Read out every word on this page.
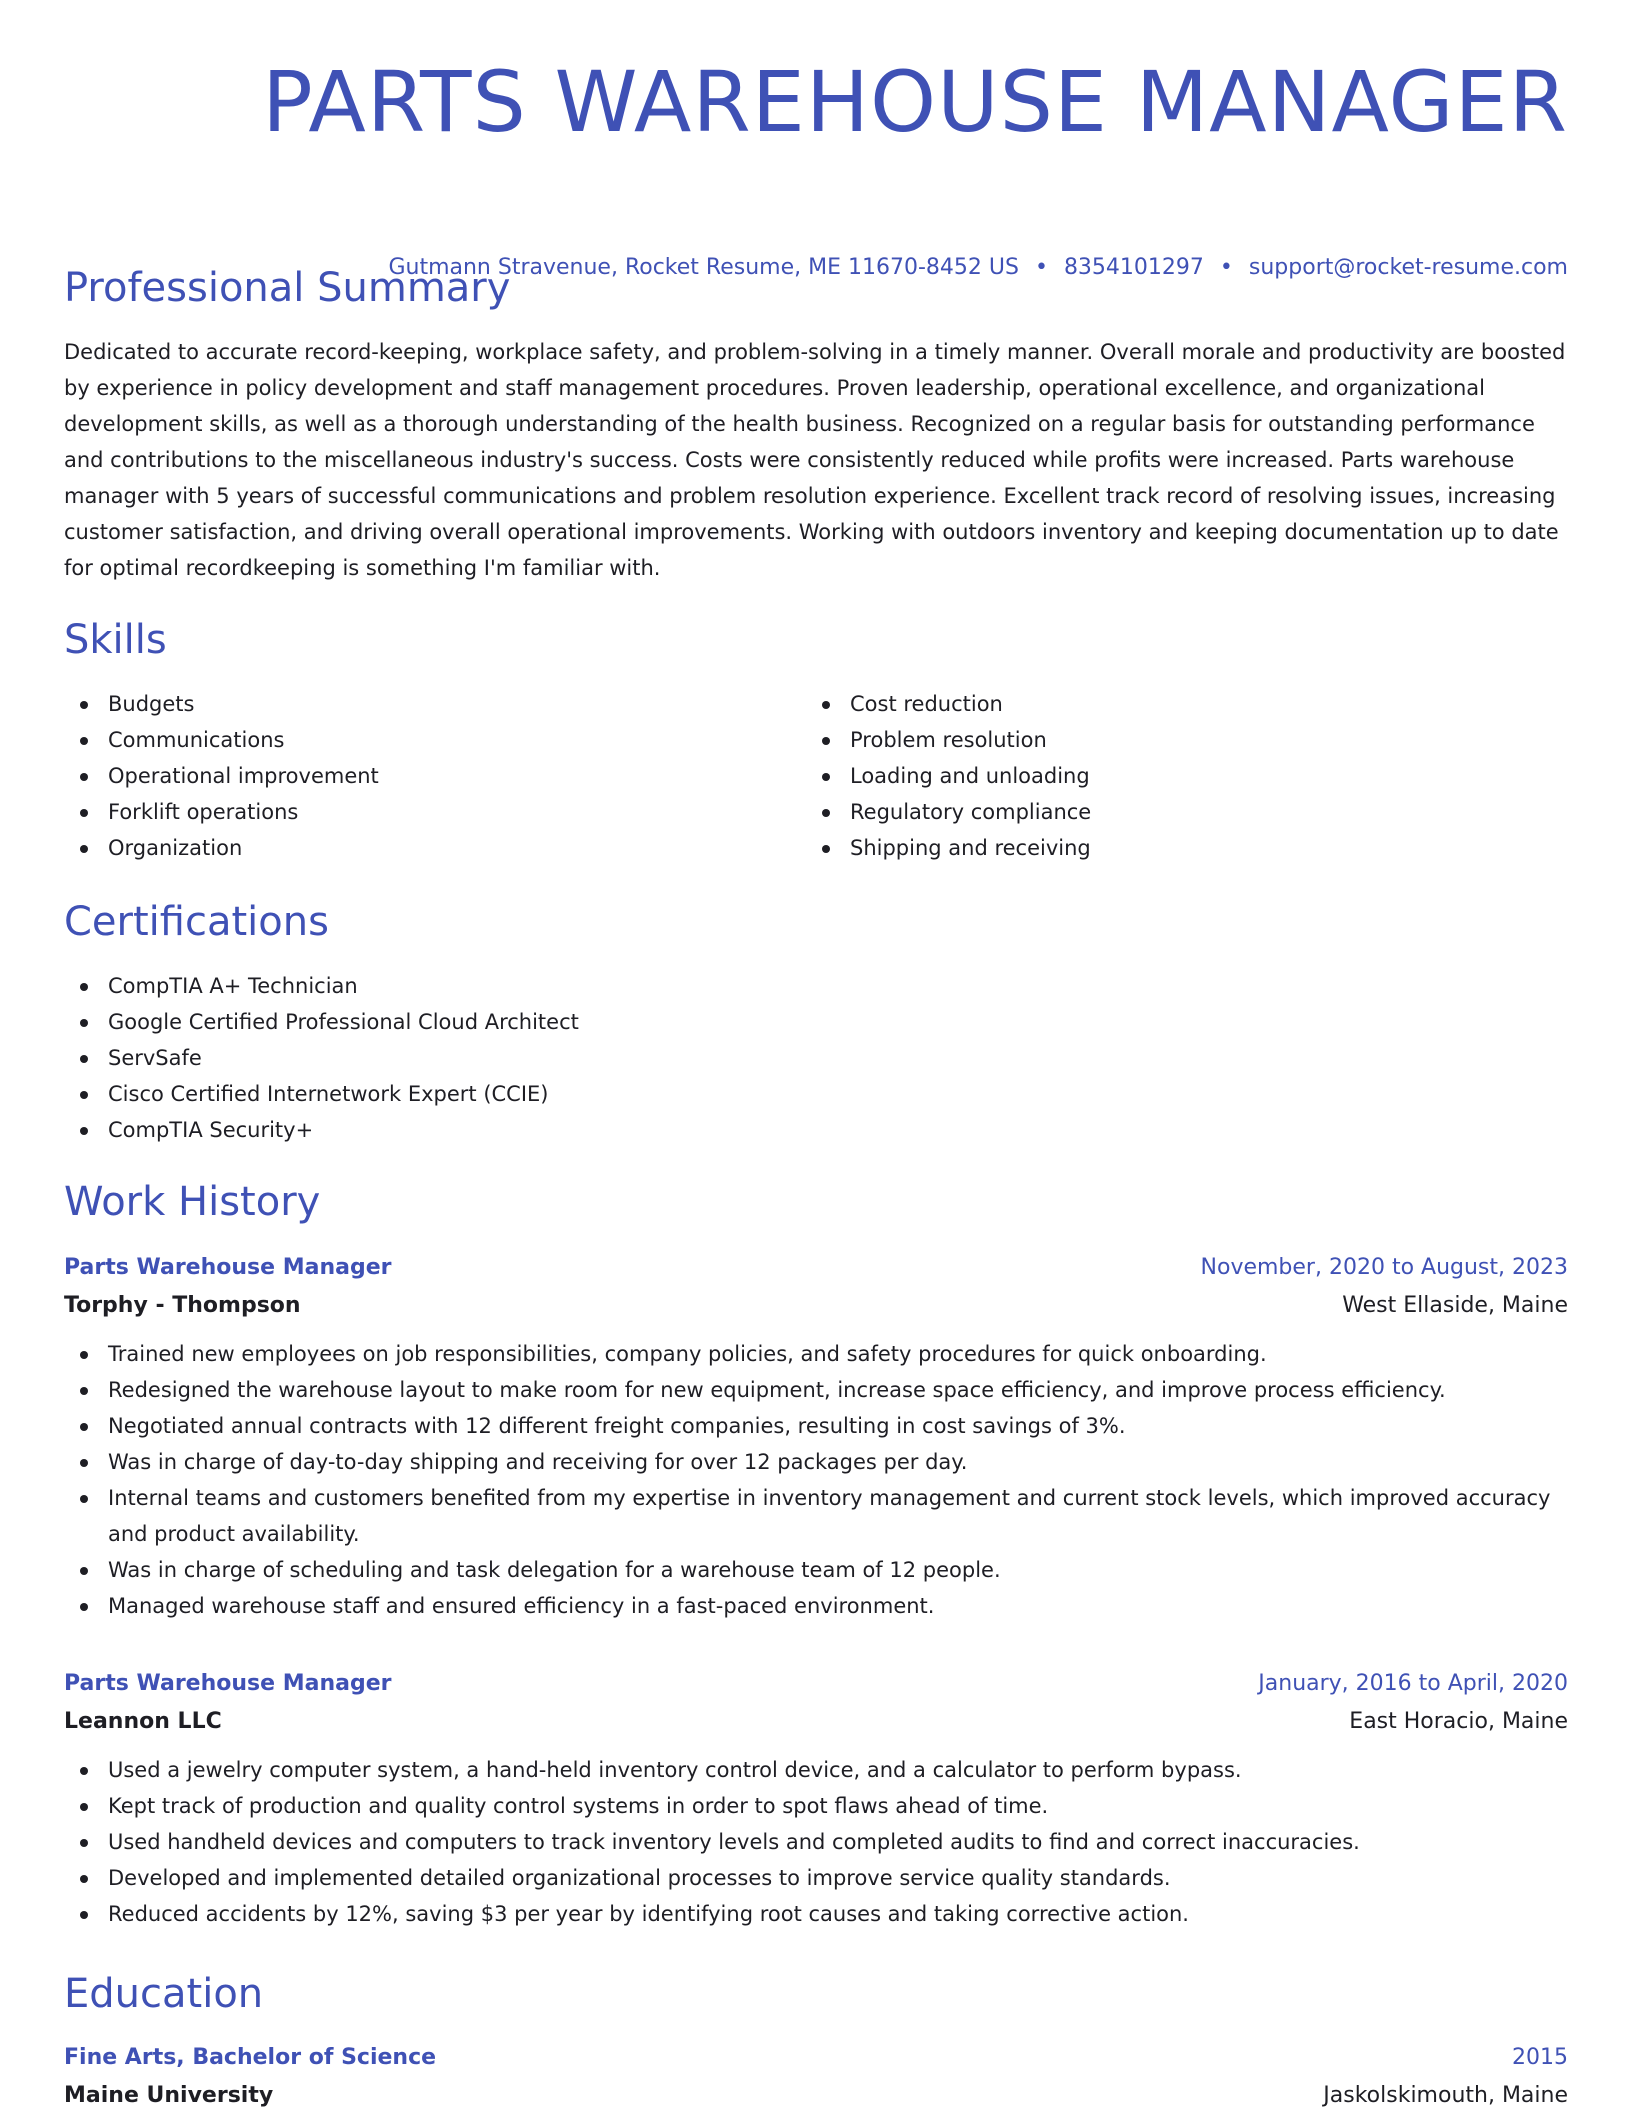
PARTS WAREHOUSE MANAGER
Gutmann Stravenue, Rocket Resume, ME 11670-8452 US • 8354101297 • support@rocket-resume.com
Professional Summary

Dedicated to accurate record-keeping, workplace safety, and problem-solving in a timely manner. Overall morale and productivity are boosted by experience in policy development and staff management procedures. Proven leadership, operational excellence, and organizational development skills, as well as a thorough understanding of the health business. Recognized on a regular basis for outstanding performance and contributions to the miscellaneous industry's success. Costs were consistently reduced while profits were increased. Parts warehouse manager with 5 years of successful communications and problem resolution experience. Excellent track record of resolving issues, increasing customer satisfaction, and driving overall operational improvements. Working with outdoors inventory and keeping documentation up to date for optimal recordkeeping is something I'm familiar with.

Skills
Budgets
Communications
Operational improvement
Forklift operations
Organization
Cost reduction
Problem resolution
Loading and unloading
Regulatory compliance
Shipping and receiving
Certifications
CompTIA A+ Technician
Google Certified Professional Cloud Architect
ServSafe
Cisco Certified Internetwork Expert (CCIE)
CompTIA Security+
Work History
Parts Warehouse Manager	November, 2020 to August, 2023
Torphy - Thompson	West Ellaside, Maine
Trained new employees on job responsibilities, company policies, and safety procedures for quick onboarding.
Redesigned the warehouse layout to make room for new equipment, increase space efficiency, and improve process efficiency.
Negotiated annual contracts with 12 different freight companies, resulting in cost savings of 3%.
Was in charge of day-to-day shipping and receiving for over 12 packages per day.
Internal teams and customers benefited from my expertise in inventory management and current stock levels, which improved accuracy and product availability.
Was in charge of scheduling and task delegation for a warehouse team of 12 people.
Managed warehouse staff and ensured efficiency in a fast-paced environment.
Parts Warehouse Manager	January, 2016 to April, 2020
Leannon LLC	East Horacio, Maine
Used a jewelry computer system, a hand-held inventory control device, and a calculator to perform bypass.
Kept track of production and quality control systems in order to spot flaws ahead of time.
Used handheld devices and computers to track inventory levels and completed audits to find and correct inaccuracies.
Developed and implemented detailed organizational processes to improve service quality standards.
Reduced accidents by 12%, saving $3 per year by identifying root causes and taking corrective action.
Education
Fine Arts, Bachelor of Science	2015
Maine University	Jaskolskimouth, Maine
